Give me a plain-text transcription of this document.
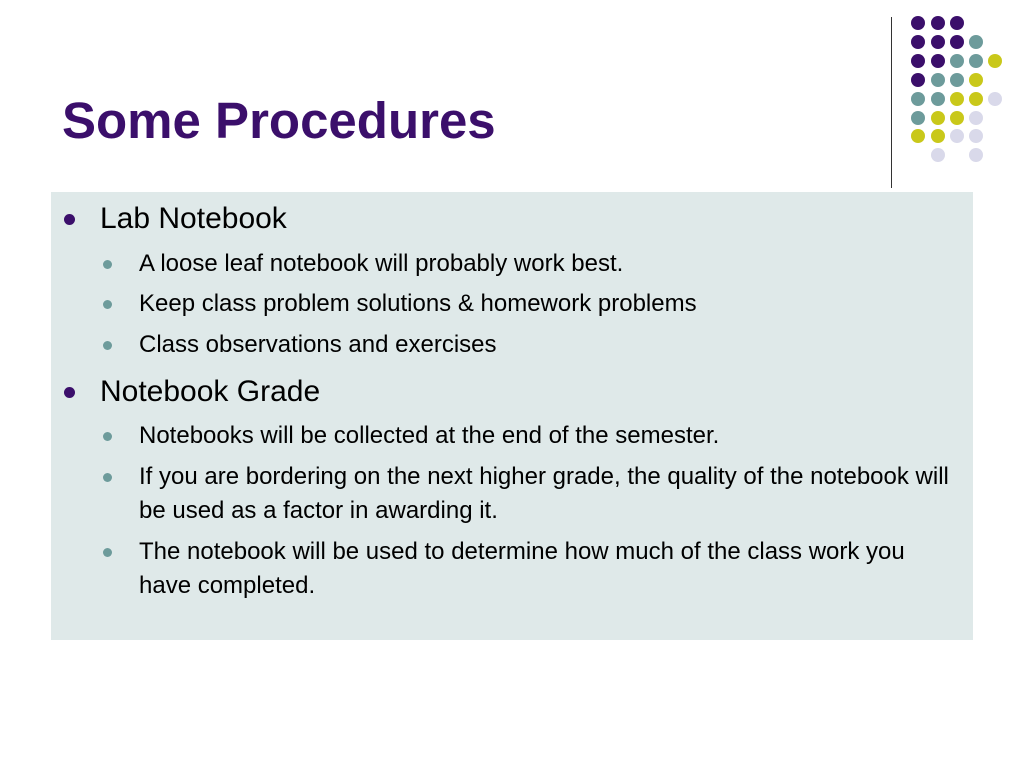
Some Procedures
Lab Notebook
A loose leaf notebook will probably work best.
Keep class problem solutions & homework problems
Class observations and exercises
Notebook Grade
Notebooks will be collected at the end of the semester.
If you are bordering on the next higher grade, the quality of the notebook will be used as a factor in awarding it.
The notebook will be used to determine how much of the class work you have completed.
